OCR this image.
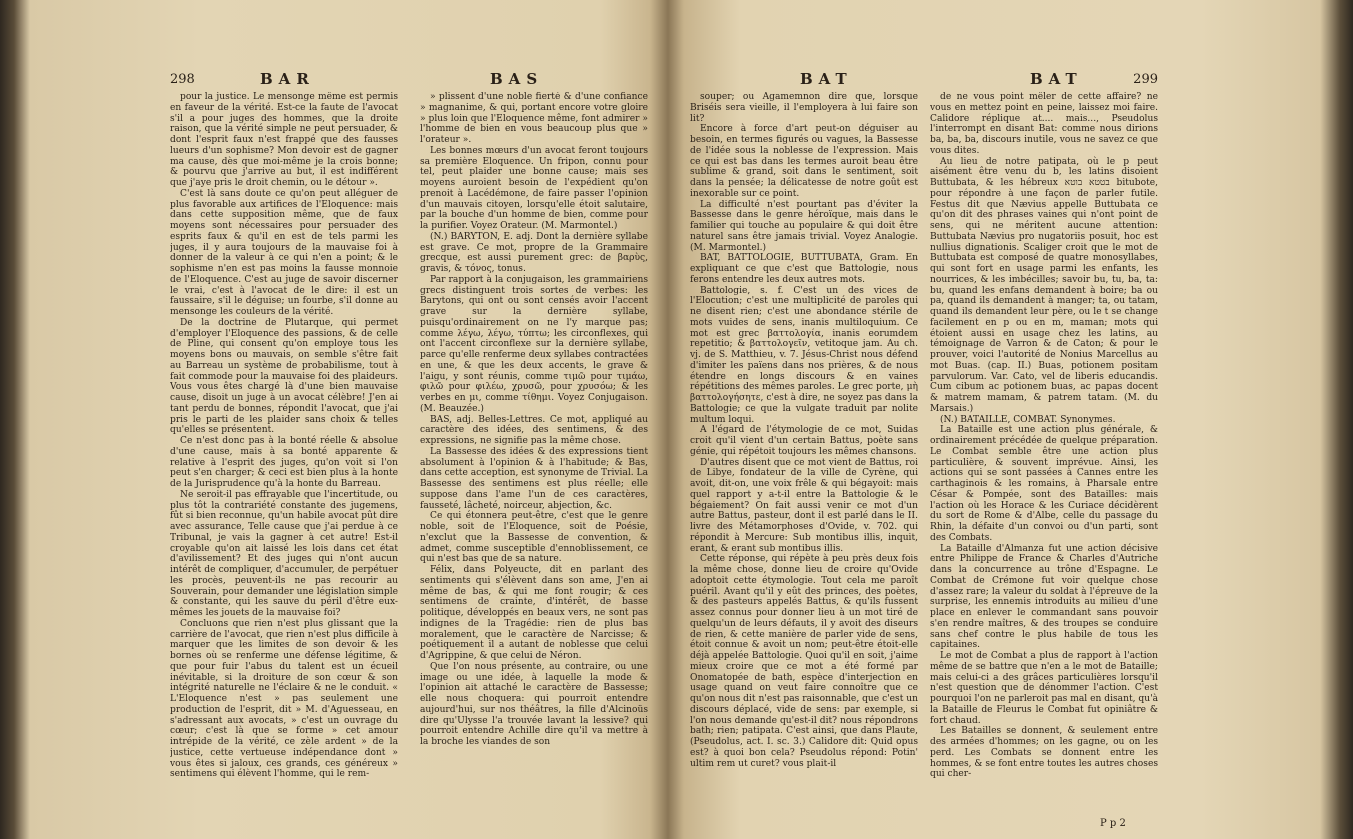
298	BAR	BAS

pour la justice. Le mensonge même est permis en faveur de la vérité. Est-ce la faute de l'avocat s'il a pour juges des hommes, que la droite raison, que la vérité simple ne peut persuader, & dont l'esprit faux n'est frappé que des fausses lueurs d'un sophisme? Mon devoir est de gagner ma cause, dès que moi-même je la crois bonne; & pourvu que j'arrive au but, il est indifférent que j'aye pris le droit chemin, ou le détour ».

C'est là sans doute ce qu'on peut alléguer de plus favorable aux artifices de l'Eloquence: mais dans cette supposition même, que de faux moyens sont nécessaires pour persuader des esprits faux & qu'il en est de tels parmi les juges, il y aura toujours de la mauvaise foi à donner de la valeur à ce qui n'en a point; & le sophisme n'en est pas moins la fausse monnoie de l'Eloquence. C'est au juge de savoir discerner le vrai, c'est à l'avocat de le dire: il est un faussaire, s'il le déguise; un fourbe, s'il donne au mensonge les couleurs de la vérité.

De la doctrine de Plutarque, qui permet d'employer l'Eloquence des passions, & de celle de Pline, qui consent qu'on employe tous les moyens bons ou mauvais, on semble s'être fait au Barreau un système de probabilisme, tout à fait commode pour la mauvaise foi des plaideurs. Vous vous êtes chargé là d'une bien mauvaise cause, disoit un juge à un avocat célèbre! J'en ai tant perdu de bonnes, répondit l'avocat, que j'ai pris le parti de les plaider sans choix & telles qu'elles se présentent.

Ce n'est donc pas à la bonté réelle & absolue d'une cause, mais à sa bonté apparente & relative à l'esprit des juges, qu'on voit si l'on peut s'en charger; & ceci est bien plus à la honte de la Jurisprudence qu'à la honte du Barreau.

Ne seroit-il pas effrayable que l'incertitude, ou plus tôt la contrariété constante des jugemens, fût si bien reconnue, qu'un habile avocat pût dire avec assurance, Telle cause que j'ai perdue à ce Tribunal, je vais la gagner à cet autre! Est-il croyable qu'on ait laissé les lois dans cet état d'avilissement? Et des juges qui n'ont aucun intérêt de compliquer, d'accumuler, de perpétuer les procès, peuvent-ils ne pas recourir au Souverain, pour demander une législation simple & constante, qui les sauve du péril d'être eux-mêmes les jouets de la mauvaise foi?

Concluons que rien n'est plus glissant que la carrière de l'avocat, que rien n'est plus difficile à marquer que les limites de son devoir & les bornes où se renferme une défense légitime, & que pour fuir l'abus du talent est un écueil inévitable, si la droiture de son cœur & son intégrité naturelle ne l'éclaire & ne le conduit. « L'Eloquence n'est » pas seulement une production de l'esprit, dit » M. d'Aguesseau, en s'adressant aux avocats, » c'est un ouvrage du cœur; c'est là que se forme » cet amour intrépide de la vérité, ce zèle ardent » de la justice, cette vertueuse indépendance dont » vous êtes si jaloux, ces grands, ces généreux » sentimens qui élèvent l'homme, qui le rem-

» plissent d'une noble fierté & d'une confiance » magnanime, & qui, portant encore votre gloire » plus loin que l'Eloquence même, font admirer » l'homme de bien en vous beaucoup plus que » l'orateur ».

Les bonnes mœurs d'un avocat feront toujours sa première Eloquence. Un fripon, connu pour tel, peut plaider une bonne cause; mais ses moyens auroient besoin de l'expédient qu'on prenoit à Lacédémone, de faire passer l'opinion d'un mauvais citoyen, lorsqu'elle étoit salutaire, par la bouche d'un homme de bien, comme pour la purifier. Voyez Orateur. (M. Marmontel.)

(N.) BARYTON, E. adj. Dont la dernière syllabe est grave. Ce mot, propre de la Grammaire grecque, est aussi purement grec: de βαρὺς, gravis, & τόνος, tonus.

Par rapport à la conjugaison, les grammairiens grecs distinguent trois sortes de verbes: les Barytons, qui ont ou sont censés avoir l'accent grave sur la dernière syllabe, puisqu'ordinairement on ne l'y marque pas; comme λέγω, λέγω, τύπτω; les circonflexes, qui ont l'accent circonflexe sur la dernière syllabe, parce qu'elle renferme deux syllabes contractées en une, & que les deux accents, le grave & l'aigu, y sont réunis, comme τιμῶ pour τιμάω, φιλῶ pour φιλέω, χρυσῶ, pour χρυσόω; & les verbes en μι, comme τίθημι. Voyez Conjugaison. (M. Beauzée.)

BAS, adj. Belles-Lettres. Ce mot, appliqué au caractère des idées, des sentimens, & des expressions, ne signifie pas la même chose.

La Bassesse des idées & des expressions tient absolument à l'opinion & à l'habitude; & Bas, dans cette acception, est synonyme de Trivial. La Bassesse des sentimens est plus réelle; elle suppose dans l'ame l'un de ces caractères, fausseté, lâcheté, noirceur, abjection, &c.

Ce qui étonnera peut-être, c'est que le genre noble, soit de l'Eloquence, soit de Poésie, n'exclut que la Bassesse de convention, & admet, comme susceptible d'ennoblissement, ce qui n'est bas que de sa nature.

Félix, dans Polyeucte, dit en parlant des sentiments qui s'élèvent dans son ame, J'en ai même de bas, & qui me font rougir; & ces sentimens de crainte, d'intérêt, de basse politique, développés en beaux vers, ne sont pas indignes de la Tragédie: rien de plus bas moralement, que le caractère de Narcisse; & poétiquement il a autant de noblesse que celui d'Agrippine, & que celui de Néron.

Que l'on nous présente, au contraire, ou une image ou une idée, à laquelle la mode & l'opinion ait attaché le caractère de Bassesse; elle nous choquera: qui pourroit entendre aujourd'hui, sur nos théâtres, la fille d'Alcinoüs dire qu'Ulysse l'a trouvée lavant la lessive? qui pourroit entendre Achille dire qu'il va mettre à la broche les viandes de son

BAT	BAT	299

souper; ou Agamemnon dire que, lorsque Briséis sera vieille, il l'employera à lui faire son lit?

Encore à force d'art peut-on déguiser au besoin, en termes figurés ou vagues, la Bassesse de l'idée sous la noblesse de l'expression. Mais ce qui est bas dans les termes auroit beau être sublime & grand, soit dans le sentiment, soit dans la pensée; la délicatesse de notre goût est inexorable sur ce point.

La difficulté n'est pourtant pas d'éviter la Bassesse dans le genre héroïque, mais dans le familier qui touche au populaire & qui doit être naturel sans être jamais trivial. Voyez Analogie. (M. Marmontel.)

BAT, BATTOLOGIE, BUTTUBATA, Gram. En expliquant ce que c'est que Battologie, nous ferons entendre les deux autres mots.

Battologie, s. f. C'est un des vices de l'Elocution; c'est une multiplicité de paroles qui ne disent rien; c'est une abondance stérile de mots vuides de sens, inanis multiloquium. Ce mot est grec βαττολογία, inanis eorumdem repetitio; & βαττολογεῖν, vetitoque jam. Au ch. vj. de S. Matthieu, v. 7. Jésus-Christ nous défend d'imiter les païens dans nos prières, & de nous étendre en longs discours & en vaines répétitions des mêmes paroles. Le grec porte, μὴ βαττολογήσητε, c'est à dire, ne soyez pas dans la Battologie; ce que la vulgate traduit par nolite multum loqui.

A l'égard de l'étymologie de ce mot, Suidas croit qu'il vient d'un certain Battus, poète sans génie, qui répétoit toujours les mêmes chansons.

D'autres disent que ce mot vient de Battus, roi de Libye, fondateur de la ville de Cyrène, qui avoit, dit-on, une voix frêle & qui bégayoit: mais quel rapport y a-t-il entre la Battologie & le bégaiement? On fait aussi venir ce mot d'un autre Battus, pasteur, dont il est parlé dans le II. livre des Métamorphoses d'Ovide, v. 702. qui répondit à Mercure: Sub montibus illis, inquit, erant, & erant sub montibus illis.

Cette réponse, qui répète à peu près deux fois la même chose, donne lieu de croire qu'Ovide adoptoit cette étymologie. Tout cela me paroît puéril. Avant qu'il y eût des princes, des poètes, & des pasteurs appelés Battus, & qu'ils fussent assez connus pour donner lieu à un mot tiré de quelqu'un de leurs défauts, il y avoit des diseurs de rien, & cette manière de parler vide de sens, étoit connue & avoit un nom; peut-être étoit-elle déjà appelée Battologie. Quoi qu'il en soit, j'aime mieux croire que ce mot a été formé par Onomatopée de bath, espèce d'interjection en usage quand on veut faire connoître que ce qu'on nous dit n'est pas raisonnable, que c'est un discours déplacé, vide de sens: par exemple, si l'on nous demande qu'est-il dit? nous répondrons bath; rien; patipata. C'est ainsi, que dans Plaute, (Pseudolus, act. I. sc. 3.) Calidore dit: Quid opus est? à quoi bon cela? Pseudolus répond: Potin' ultim rem ut curet? vous plait-il

de ne vous point mêler de cette affaire? ne vous en mettez point en peine, laissez moi faire. Calidore réplique at.... mais..., Pseudolus l'interrompt en disant Bat: comme nous dirions ba, ba, ba, discours inutile, vous ne savez ce que vous dites.

Au lieu de notre patipata, où le p peut aisément être venu du b, les latins disoient Buttubata, & les hébreux בטטא בוטא bitubote, pour répondre à une façon de parler futile. Festus dit que Nævius appelle Buttubata ce qu'on dit des phrases vaines qui n'ont point de sens, qui ne méritent aucune attention: Buttubata Nævius pro nugatoriis posuit, hoc est nullius dignationis. Scaliger croit que le mot de Buttubata est composé de quatre monosyllabes, qui sont fort en usage parmi les enfants, les nourrices, & les imbécilles; savoir bu, tu, ba, ta: bu, quand les enfans demandent à boire; ba ou pa, quand ils demandent à manger; ta, ou tatam, quand ils demandent leur père, ou le t se change facilement en p ou en m, maman; mots qui étoient aussi en usage chez les latins, au témoignage de Varron & de Caton; & pour le prouver, voici l'autorité de Nonius Marcellus au mot Buas. (cap. II.) Buas, potionem positam parvulorum. Var. Cato, vel de liberis educandis. Cum cibum ac potionem buas, ac papas docent & matrem mamam, & patrem tatam. (M. du Marsais.)

(N.) BATAILLE, COMBAT. Synonymes.

La Bataille est une action plus générale, & ordinairement précédée de quelque préparation. Le Combat semble être une action plus particulière, & souvent imprévue. Ainsi, les actions qui se sont passées à Cannes entre les carthaginois & les romains, à Pharsale entre César & Pompée, sont des Batailles: mais l'action où les Horace & les Curiace décidèrent du sort de Rome & d'Albe, celle du passage du Rhin, la défaite d'un convoi ou d'un parti, sont des Combats.

La Bataille d'Almanza fut une action décisive entre Philippe de France & Charles d'Autriche dans la concurrence au trône d'Espagne. Le Combat de Crémone fut voir quelque chose d'assez rare; la valeur du soldat à l'épreuve de la surprise, les ennemis introduits au milieu d'une place en enlever le commandant sans pouvoir s'en rendre maîtres, & des troupes se conduire sans chef contre le plus habile de tous les capitaines.

Le mot de Combat a plus de rapport à l'action même de se battre que n'en a le mot de Bataille; mais celui-ci a des grâces particulières lorsqu'il n'est question que de dénommer l'action. C'est pourquoi l'on ne parleroit pas mal en disant, qu'à la Bataille de Fleurus le Combat fut opiniâtre & fort chaud.

Les Batailles se donnent, & seulement entre des armées d'hommes; on les gagne, ou on les perd. Les Combats se donnent entre les hommes, & se font entre toutes les autres choses qui cher-

P p 2
